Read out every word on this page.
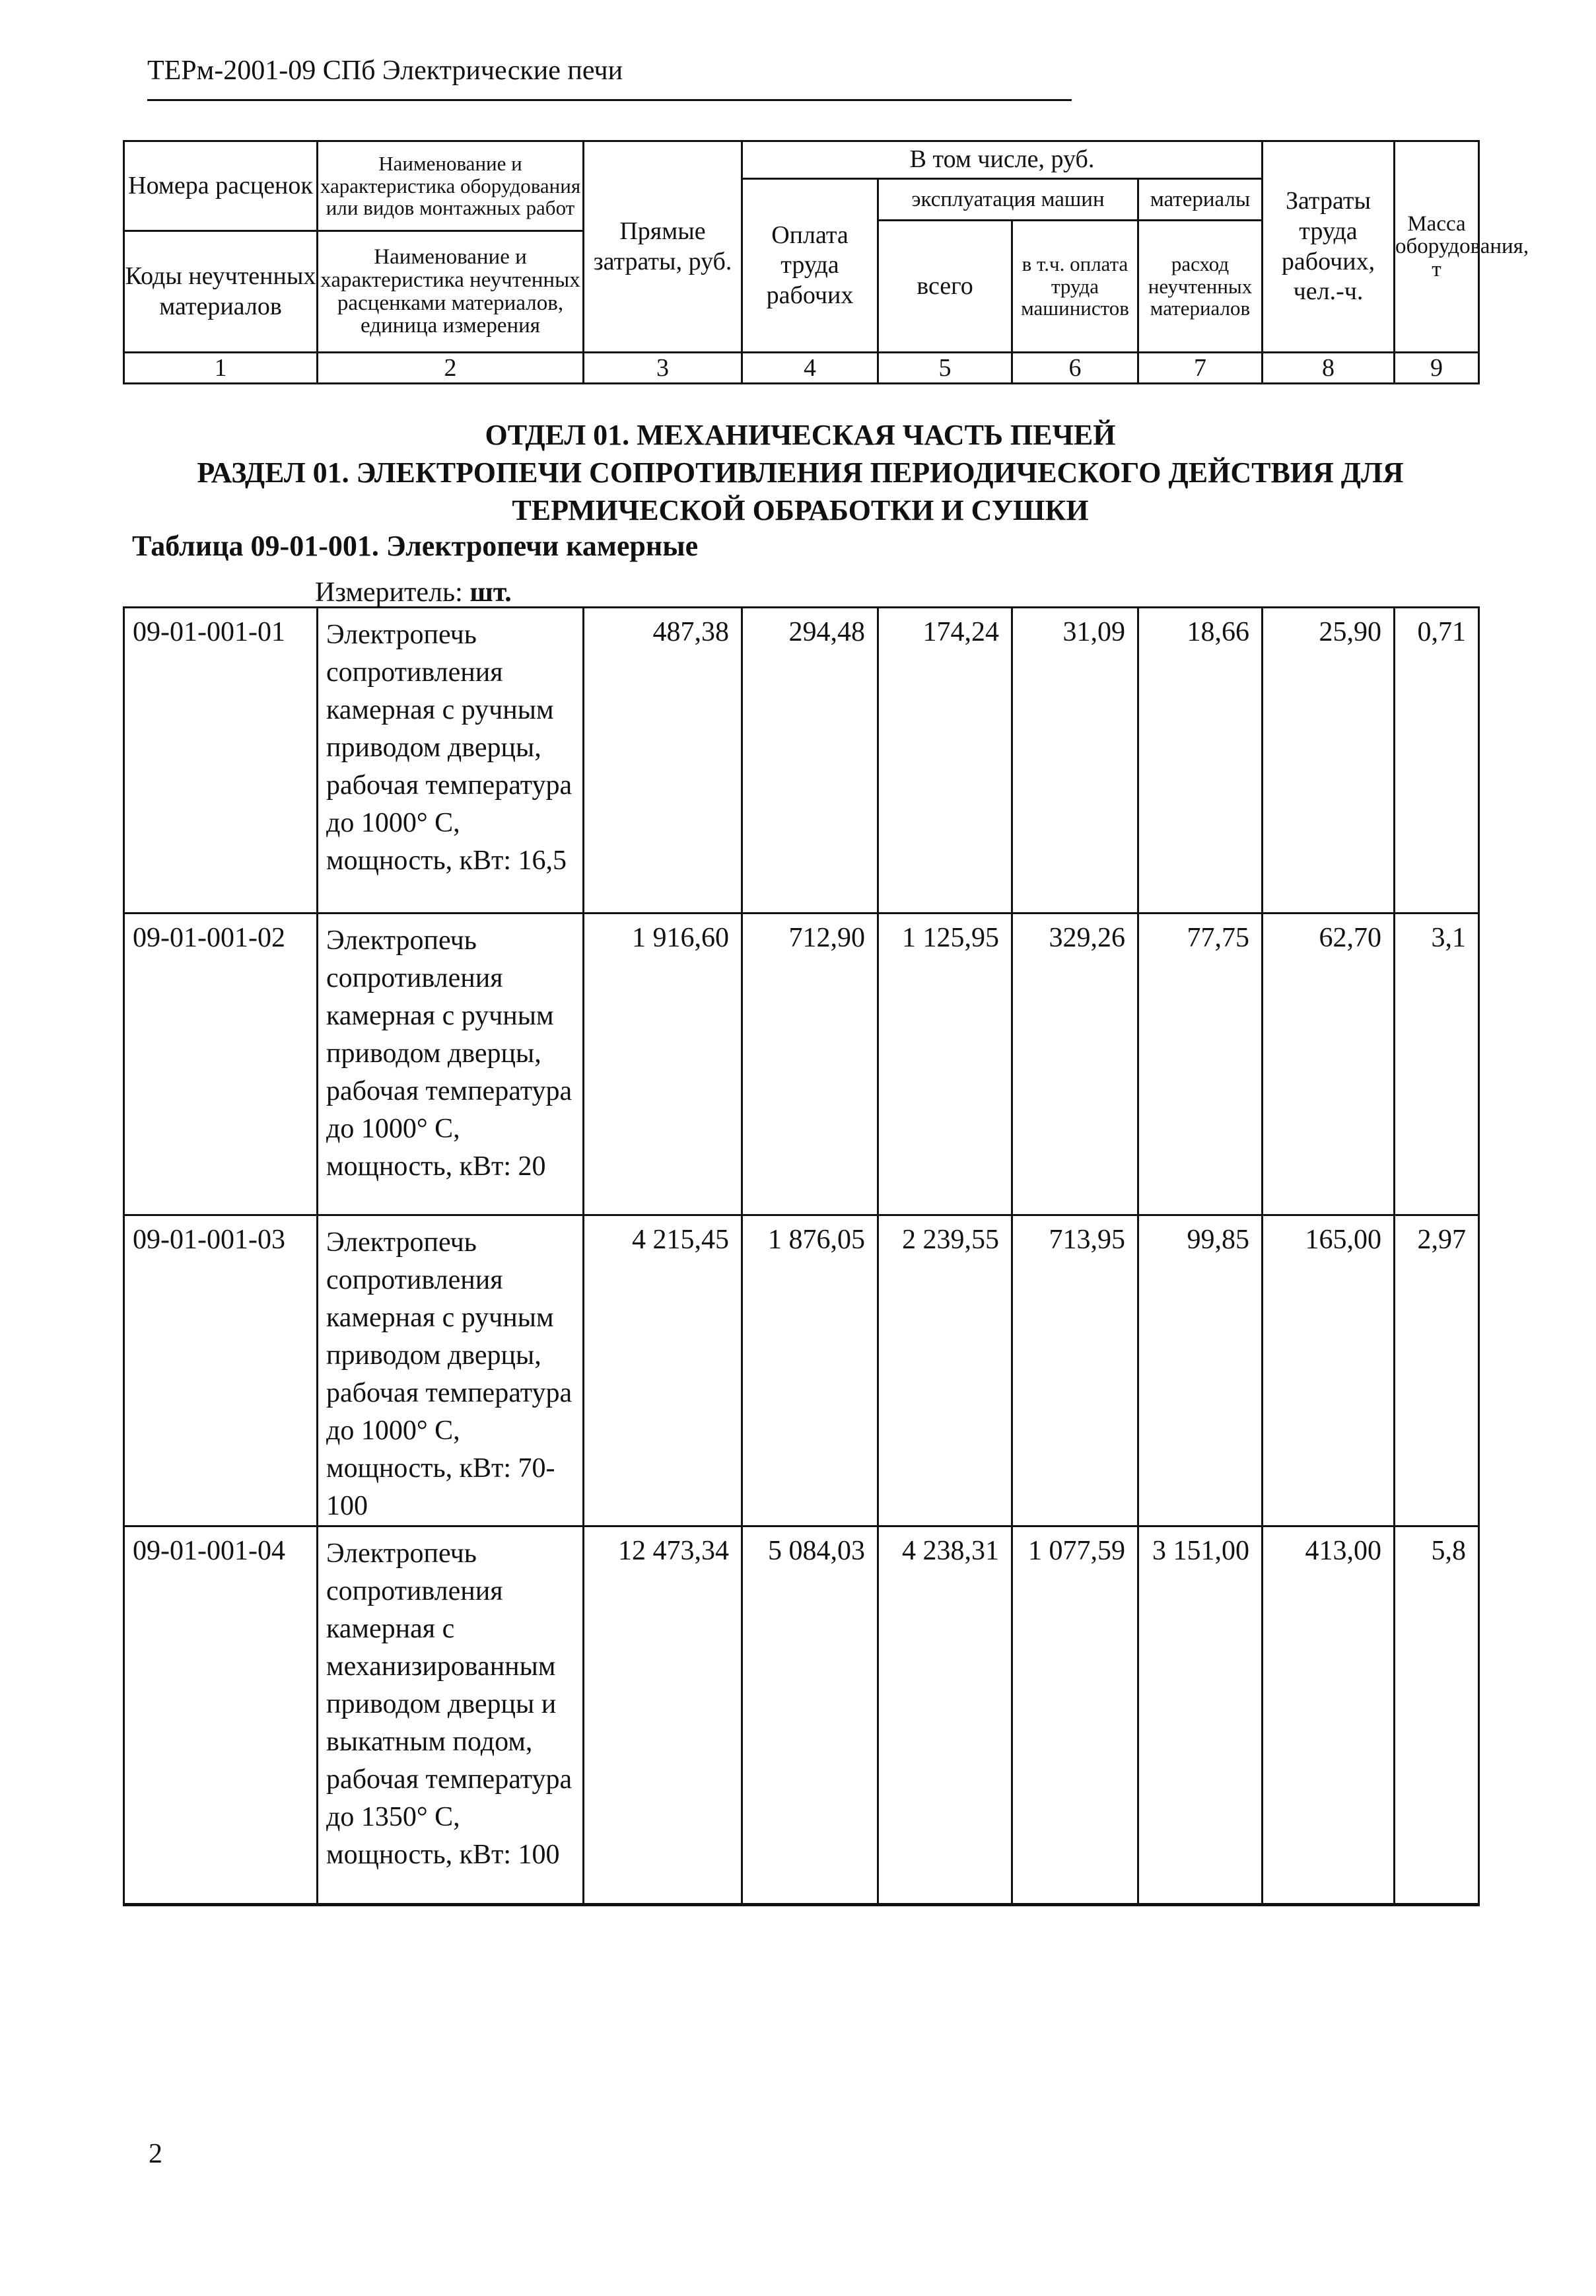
ТЕРм-2001-09 СПб Электрические печи
Номера расценок	Наименование и характеристика оборудования или видов монтажных работ	Прямые затраты, руб.	В том числе, руб.				Затраты труда рабочих, чел.-ч.	Масса оборудования, т
			Оплата труда рабочих	эксплуатация машин		материалы		
				всего	в т.ч. оплата труда машинистов	расход неучтенных материалов		
Коды неучтенных материалов	Наименование и характеристика неучтенных расценками материалов, единица измерения							

1	2	3	4	5	6	7	8	9
ОТДЕЛ 01. МЕХАНИЧЕСКАЯ ЧАСТЬ ПЕЧЕЙ
РАЗДЕЛ 01. ЭЛЕКТРОПЕЧИ СОПРОТИВЛЕНИЯ ПЕРИОДИЧЕСКОГО ДЕЙСТВИЯ ДЛЯ
ТЕРМИЧЕСКОЙ ОБРАБОТКИ И СУШКИ
Таблица 09-01-001. Электропечи камерные
Измеритель: шт.
09-01-001-01	Электропечь сопротивления камерная с ручным приводом дверцы, рабочая температура до 1000° С, мощность, кВт: 16,5	487,38	294,48	174,24	31,09	18,66	25,90	0,71
09-01-001-02	Электропечь сопротивления камерная с ручным приводом дверцы, рабочая температура до 1000° С, мощность, кВт: 20	1 916,60	712,90	1 125,95	329,26	77,75	62,70	3,1
09-01-001-03	Электропечь сопротивления камерная с ручным приводом дверцы, рабочая температура до 1000° С, мощность, кВт: 70-100	4 215,45	1 876,05	2 239,55	713,95	99,85	165,00	2,97
09-01-001-04	Электропечь сопротивления камерная с механизированным приводом дверцы и выкатным подом, рабочая температура до 1350° С, мощность, кВт: 100	12 473,34	5 084,03	4 238,31	1 077,59	3 151,00	413,00	5,8
2
